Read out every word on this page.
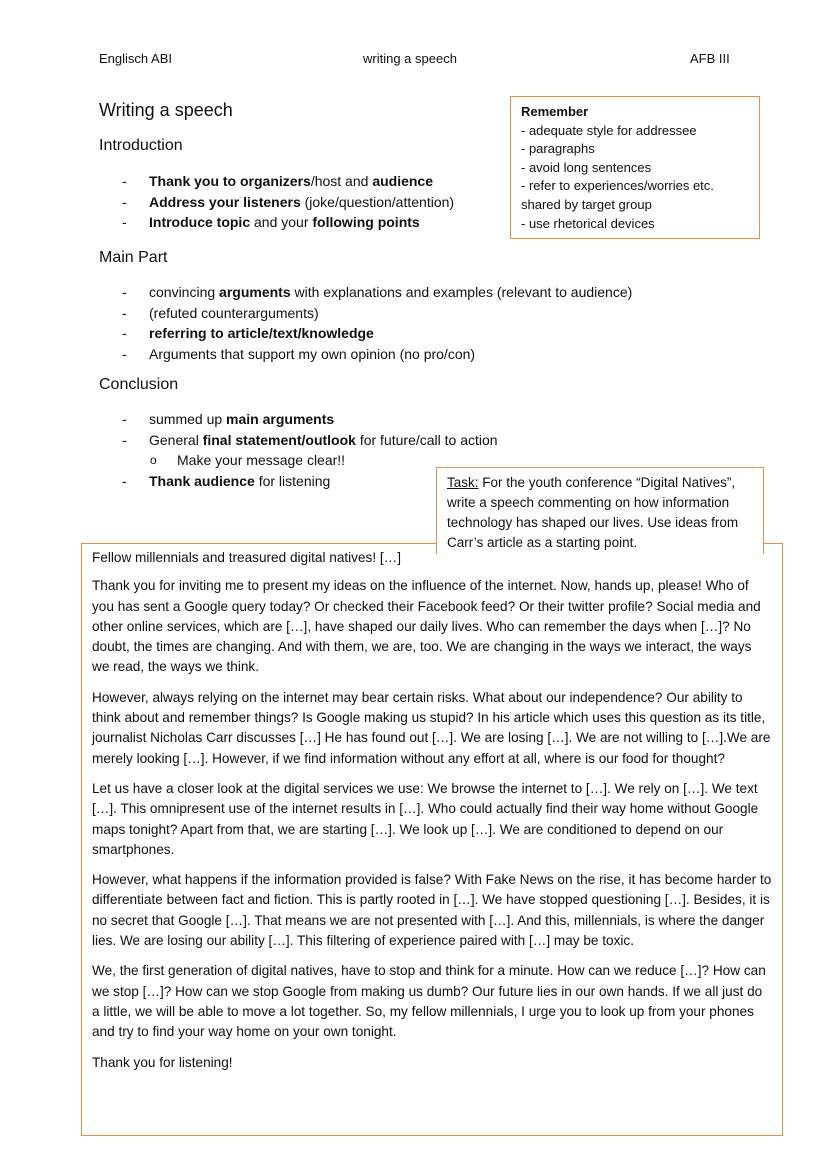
Englisch ABI	writing a speech	AFB III
Writing a speech	Remember
- adequate style for addressee
- paragraphs
- avoid long sentences
- refer to experiences/worries etc.
shared by target group
- use rhetorical devices
Introduction
- Thank you to organizers/host and audience
- Address your listeners (joke/question/attention)
- Introduce topic and your following points
Main Part
- convincing arguments with explanations and examples (relevant to audience)
- (refuted counterarguments)
- referring to article/text/knowledge
- Arguments that support my own opinion (no pro/con)
Conclusion
- summed up main arguments
- General final statement/outlook for future/call to action
o Make your message clear!!
- Thank audience for listening	Task: For the youth conference “Digital Natives”, write a speech commenting on how information technology has shaped our lives. Use ideas from Carr’s article as a starting point.

Fellow millennials and treasured digital natives! […]

Thank you for inviting me to present my ideas on the influence of the internet. Now, hands up, please! Who of you has sent a Google query today? Or checked their Facebook feed? Or their twitter profile? Social media and other online services, which are […], have shaped our daily lives. Who can remember the days when […]? No doubt, the times are changing. And with them, we are, too. We are changing in the ways we interact, the ways we read, the ways we think.

However, always relying on the internet may bear certain risks. What about our independence? Our ability to think about and remember things? Is Google making us stupid? In his article which uses this question as its title, journalist Nicholas Carr discusses […] He has found out […]. We are losing […]. We are not willing to […].We are merely looking […]. However, if we find information without any effort at all, where is our food for thought?

Let us have a closer look at the digital services we use: We browse the internet to […]. We rely on […]. We text […]. This omnipresent use of the internet results in […]. Who could actually find their way home without Google maps tonight? Apart from that, we are starting […]. We look up […]. We are conditioned to depend on our smartphones.

However, what happens if the information provided is false? With Fake News on the rise, it has become harder to differentiate between fact and fiction. This is partly rooted in […]. We have stopped questioning […]. Besides, it is no secret that Google […]. That means we are not presented with […]. And this, millennials, is where the danger lies. We are losing our ability […]. This filtering of experience paired with […] may be toxic.

We, the first generation of digital natives, have to stop and think for a minute. How can we reduce […]? How can we stop […]? How can we stop Google from making us dumb? Our future lies in our own hands. If we all just do a little, we will be able to move a lot together. So, my fellow millennials, I urge you to look up from your phones and try to find your way home on your own tonight.

Thank you for listening!
